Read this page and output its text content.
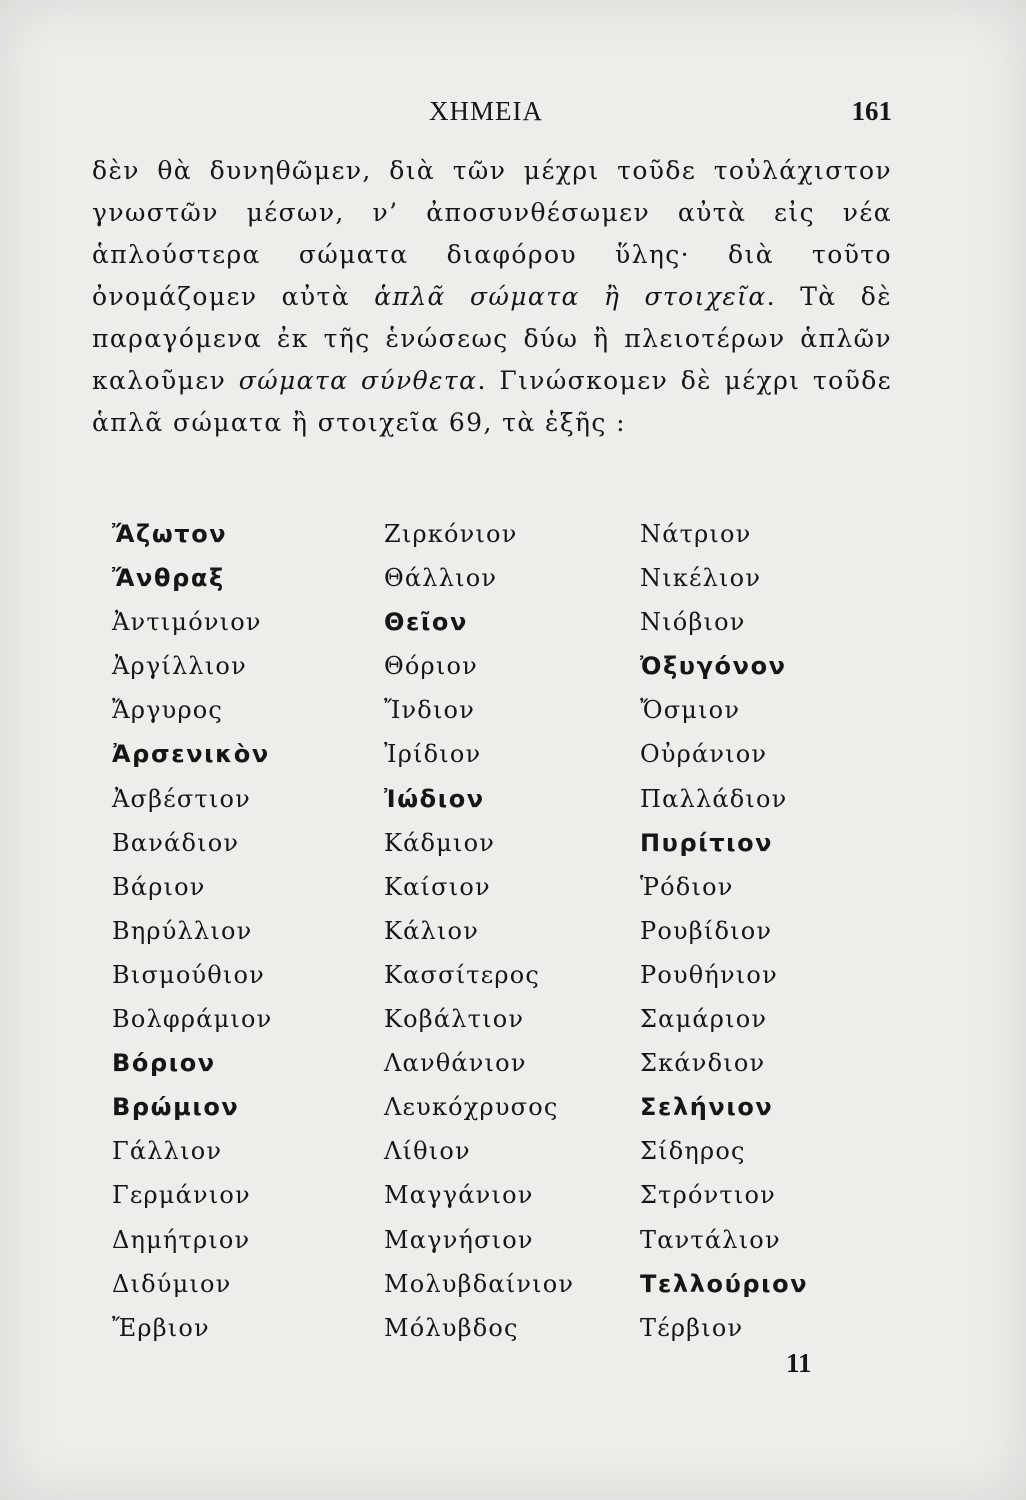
ΧΗΜΕΙΑ	161

δὲν θὰ δυνηθῶμεν, διὰ τῶν μέχρι τοῦδε τοὐλάχιστον γνωστῶν μέσων, ν’ ἀποσυνθέσωμεν αὐτὰ εἰς νέα ἁπλούστερα σώματα διαφόρου ὕλης· διὰ τοῦτο ὀνομάζομεν αὐτὰ ἁπλᾶ σώματα ἢ στοιχεῖα. Τὰ δὲ παραγόμενα ἐκ τῆς ἑνώσεως δύω ἢ πλειοτέρων ἁπλῶν καλοῦμεν σώματα σύνθετα. Γινώσκομεν δὲ μέχρι τοῦδε ἁπλᾶ σώματα ἢ στοιχεῖα 69, τὰ ἑξῆς :

Ἄζωτον
Ἄνθραξ
Ἀντιμόνιον
Ἀργίλλιον
Ἄργυρος
Ἀρσενικὸν
Ἀσβέστιον
Βανάδιον
Βάριον
Βηρύλλιον
Βισμούθιον
Βολφράμιον
Βόριον
Βρώμιον
Γάλλιον
Γερμάνιον
Δημήτριον
Διδύμιον
Ἔρβιον
Ζιρκόνιον
Θάλλιον
Θεῖον
Θόριον
Ἴνδιον
Ἰρίδιον
Ἰώδιον
Κάδμιον
Καίσιον
Κάλιον
Κασσίτερος
Κοβάλτιον
Λανθάνιον
Λευκόχρυσος
Λίθιον
Μαγγάνιον
Μαγνήσιον
Μολυβδαίνιον
Μόλυβδος
Νάτριον
Νικέλιον
Νιόβιον
Ὀξυγόνον
Ὄσμιον
Οὐράνιον
Παλλάδιον
Πυρίτιον
Ῥόδιον
Ρουβίδιον
Ρουθήνιον
Σαμάριον
Σκάνδιον
Σελήνιον
Σίδηρος
Στρόντιον
Ταντάλιον
Τελλούριον
Τέρβιον
11
